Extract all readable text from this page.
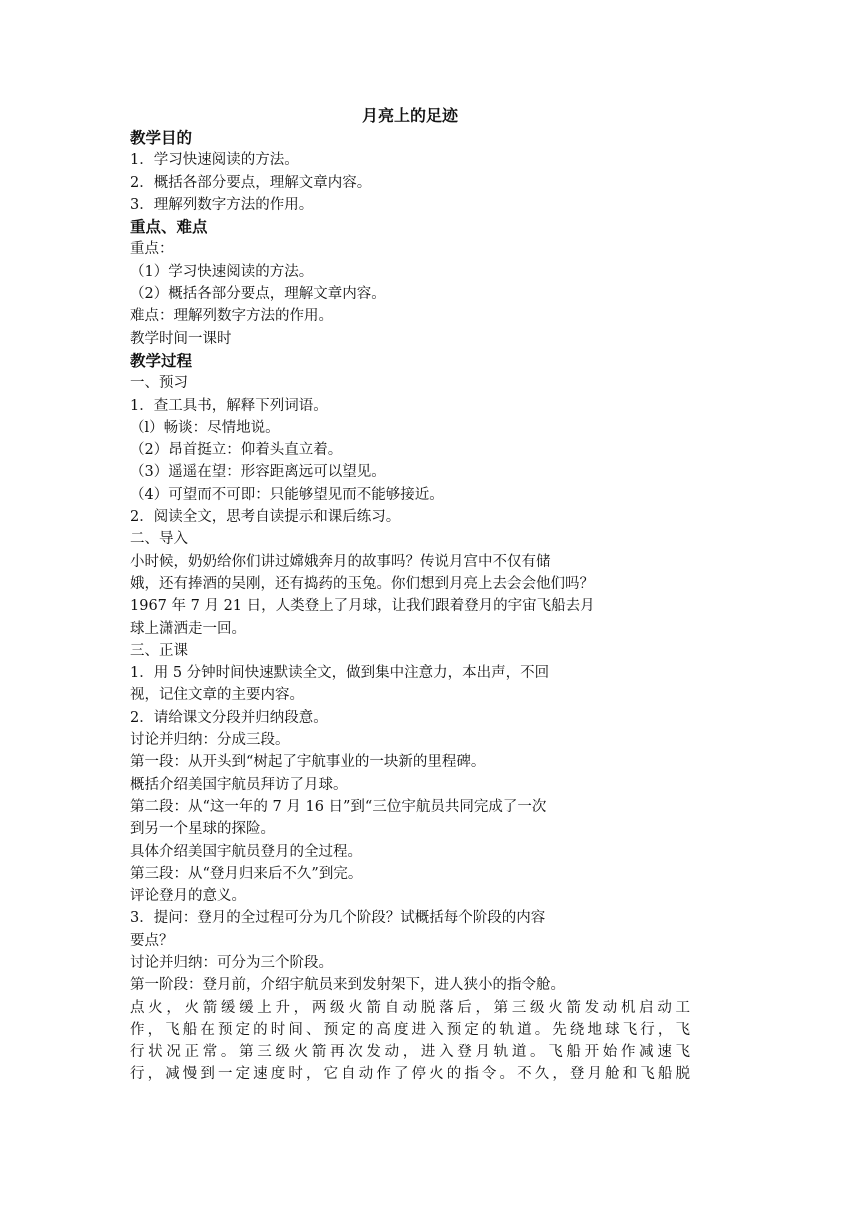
月亮上的足迹
教学目的
1．学习快速阅读的方法。
2．概括各部分要点，理解文章内容。
3．理解列数字方法的作用。
重点、难点
重点：
（1）学习快速阅读的方法。
（2）概括各部分要点，理解文章内容。
难点：理解列数字方法的作用。
教学时间一课时
教学过程
一、预习
1．查工具书，解释下列词语。
（l）畅谈：尽情地说。
（2）昂首挺立：仰着头直立着。
（3）遥遥在望：形容距离远可以望见。
（4）可望而不可即：只能够望见而不能够接近。
2．阅读全文，思考自读提示和课后练习。
二、导入
小时候，奶奶给你们讲过嫦娥奔月的故事吗？传说月宫中不仅有储
娥，还有捧酒的吴刚，还有捣药的玉兔。你们想到月亮上去会会他们吗？
1967 年 7 月 21 日，人类登上了月球，让我们跟着登月的宇宙飞船去月
球上潇洒走一回。
三、正课
1．用 5 分钟时间快速默读全文，做到集中注意力，本出声，不回
视，记住文章的主要内容。
2．请给课文分段并归纳段意。
讨论并归纳：分成三段。
第一段：从开头到“树起了宇航事业的一块新的里程碑。
概括介绍美国宇航员拜访了月球。
第二段：从“这一年的 7 月 16 日”到“三位宇航员共同完成了一次
到另一个星球的探险。
具体介绍美国宇航员登月的全过程。
第三段：从“登月归来后不久”到完。
评论登月的意义。
3．提问：登月的全过程可分为几个阶段？试概括每个阶段的内容
要点？
讨论并归纳：可分为三个阶段。
第一阶段：登月前，介绍宇航员来到发射架下，进人狭小的指令舱。
点火，火箭缓缓上升，两级火箭自动脱落后，第三级火箭发动机启动工
作，飞船在预定的时间、预定的高度进入预定的轨道。先绕地球飞行，飞
行状况正常。第三级火箭再次发动，进入登月轨道。飞船开始作减速飞
行，减慢到一定速度时，它自动作了停火的指令。不久，登月舱和飞船脱
